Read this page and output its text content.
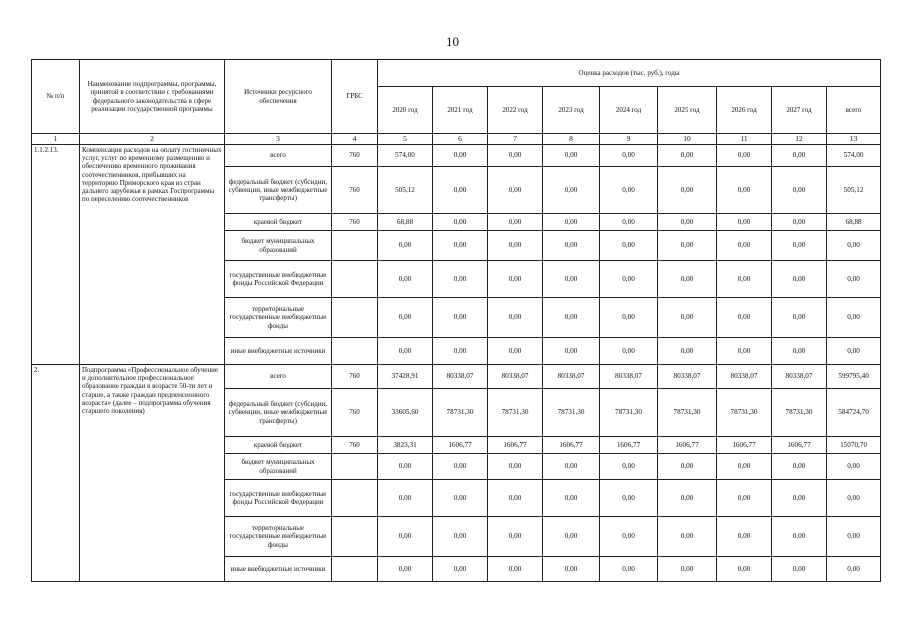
10
№ п/п	Наименование подпрограммы, программы, принятой в соответствии с требованиями федерального законодательства в сфере реализации государственной программы	Источники ресурсного обеспечения	ГРБС	Оценка расходов (тыс. руб.), годы								
				2020 год	2021 год	2022 год	2023 год	2024 год	2025 год	2026 год	2027 год	всего
1	2	3	4	5	6	7	8	9	10	11	12	13
1.1.2.13.	Компенсация расходов на оплату гостиничных услуг, услуг по временному размещению и обеспечению временного проживания соотечественников, прибывших на территорию Приморского края из стран дальнего зарубежья в рамках Госпрограммы по переселению соотечественников	всего	760	574,00	0,00	0,00	0,00	0,00	0,00	0,00	0,00	574,00
		федеральный бюджет (субсидии, субвенции, иные межбюджетные трансферты)	760	505,12	0,00	0,00	0,00	0,00	0,00	0,00	0,00	505,12
		краевой бюджет	760	68,88	0,00	0,00	0,00	0,00	0,00	0,00	0,00	68,88
		бюджет муниципальных образований		0,00	0,00	0,00	0,00	0,00	0,00	0,00	0,00	0,00
		государственные внебюджетные фонды Российской Федерации		0,00	0,00	0,00	0,00	0,00	0,00	0,00	0,00	0,00
		территориальные государственные внебюджетные фонды		0,00	0,00	0,00	0,00	0,00	0,00	0,00	0,00	0,00
		иные внебюджетные источники		0,00	0,00	0,00	0,00	0,00	0,00	0,00	0,00	0,00
2.	Подпрограмма «Профессиональное обучение и дополнительное профессиональное образование граждан в возрасте 50-ти лет и старше, а также граждан предпенсионного возраста» (далее – подпрограмма обучения старшего поколения)	всего	760	37428,91	80338,07	80338,07	80338,07	80338,07	80338,07	80338,07	80338,07	599795,40
		федеральный бюджет (субсидии, субвенции, иные межбюджетные трансферты)	760	33605,60	78731,30	78731,30	78731,30	78731,30	78731,30	78731,30	78731,30	584724,70
		краевой бюджет	760	3823,31	1606,77	1606,77	1606,77	1606,77	1606,77	1606,77	1606,77	15070,70
		бюджет муниципальных образований		0,00	0,00	0,00	0,00	0,00	0,00	0,00	0,00	0,00
		государственные внебюджетные фонды Российской Федерации		0,00	0,00	0,00	0,00	0,00	0,00	0,00	0,00	0,00
		территориальные государственные внебюджетные фонды		0,00	0,00	0,00	0,00	0,00	0,00	0,00	0,00	0,00
		иные внебюджетные источники		0,00	0,00	0,00	0,00	0,00	0,00	0,00	0,00	0,00
